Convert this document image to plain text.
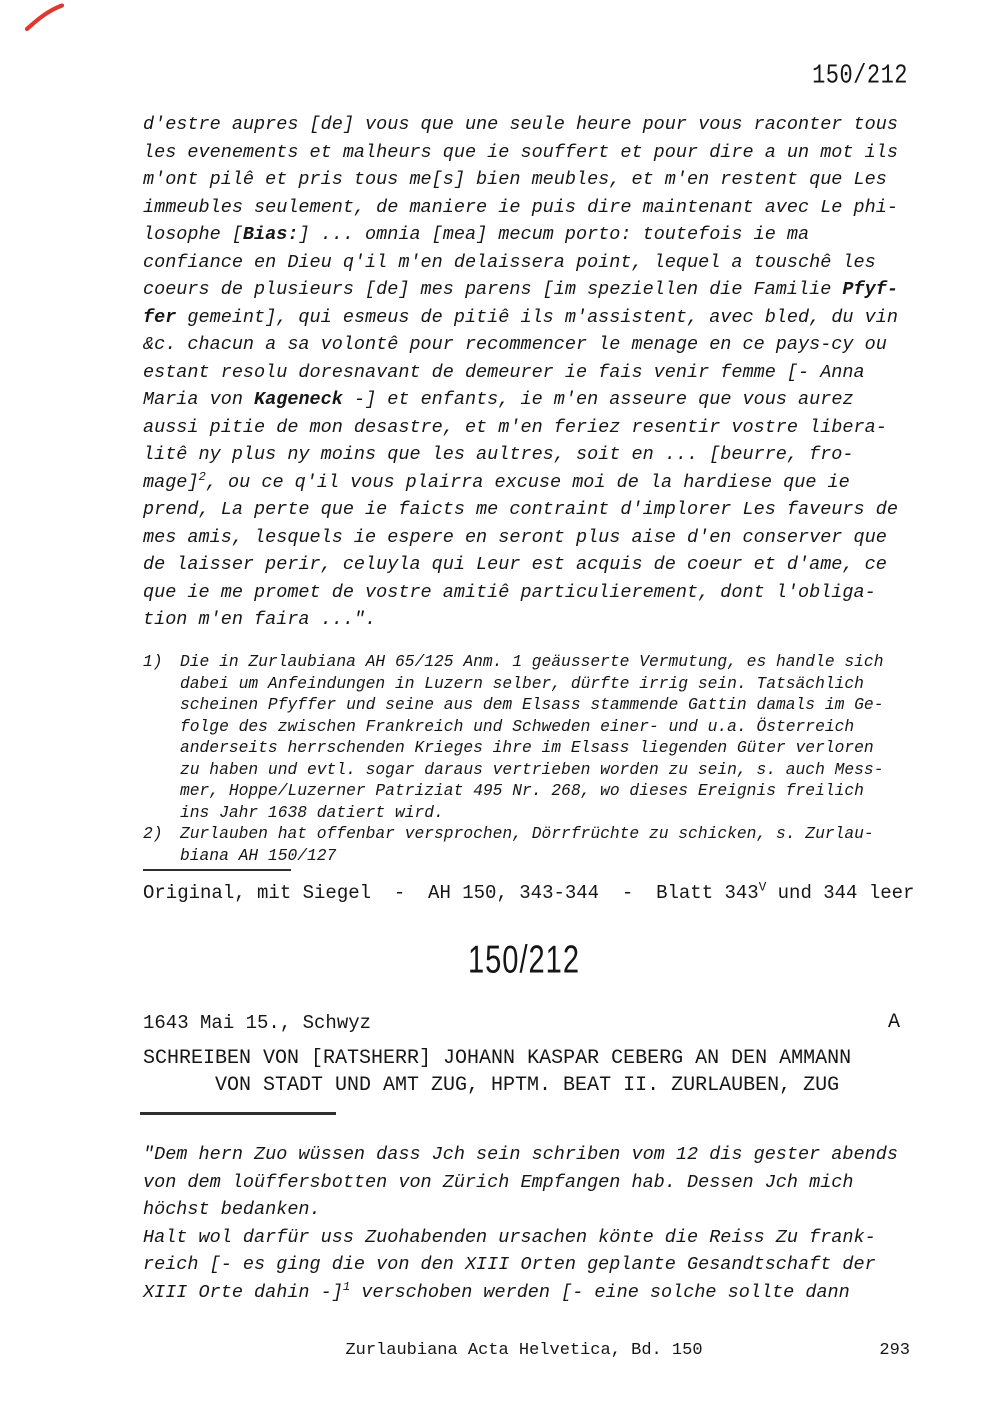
150/212
d'estre aupres [de] vous que une seule heure pour vous raconter tous
les evenements et malheurs que ie souffert et pour dire a un mot ils
m'ont pilê et pris tous me[s] bien meubles, et m'en restent que Les
immeubles seulement, de maniere ie puis dire maintenant avec Le phi-
losophe [Bias:] ... omnia [mea] mecum porto: toutefois ie ma
confiance en Dieu q'il m'en delaissera point, lequel a touschê les
coeurs de plusieurs [de] mes parens [im speziellen die Familie Pfyf-
fer gemeint], qui esmeus de pitiê ils m'assistent, avec bled, du vin
&c. chacun a sa volontê pour recommencer le menage en ce pays-cy ou
estant resolu doresnavant de demeurer ie fais venir femme [- Anna
Maria von Kageneck -] et enfants, ie m'en asseure que vous aurez
aussi pitie de mon desastre, et m'en feriez resentir vostre libera-
litê ny plus ny moins que les aultres, soit en ... [beurre, fro-
mage]$^2$, ou ce q'il vous plairra excuse moi de la hardiese que ie
prend, La perte que ie faicts me contraint d'implorer Les faveurs de
mes amis, lesquels ie espere en seront plus aise d'en conserver que
de laisser perir, celuyla qui Leur est acquis de coeur et d'ame, ce
que ie me promet de vostre amitiê particulierement, dont l'obliga-
tion m'en faira ...".
1)	Die in Zurlaubiana AH 65/125 Anm. 1 geäusserte Vermutung, es handle sich
dabei um Anfeindungen in Luzern selber, dürfte irrig sein. Tatsächlich
scheinen Pfyffer und seine aus dem Elsass stammende Gattin damals im Ge-
folge des zwischen Frankreich und Schweden einer- und u.a. Österreich
anderseits herrschenden Krieges ihre im Elsass liegenden Güter verloren
zu haben und evtl. sogar daraus vertrieben worden zu sein, s. auch Mess-
mer, Hoppe/Luzerner Patriziat 495 Nr. 268, wo dieses Ereignis freilich
ins Jahr 1638 datiert wird.
2)	Zurlauben hat offenbar versprochen, Dörrfrüchte zu schicken, s. Zurlau-
biana AH 150/127
Original, mit Siegel  -  AH 150, 343-344  -  Blatt $343^V$ und 344 leer
150/212
1643 Mai 15., Schwyz	A
SCHREIBEN VON [RATSHERR] JOHANN KASPAR CEBERG AN DEN AMMANN
VON STADT UND AMT ZUG, HPTM. BEAT II. ZURLAUBEN, ZUG
"Dem hern Zuo wüssen dass Jch sein schriben vom 12 dis gester abends
von dem loüffersbotten von Zürich Empfangen hab. Dessen Jch mich
höchst bedanken.
Halt wol darfür uss Zuohabenden ursachen könte die Reiss Zu frank-
reich [- es ging die von den XIII Orten geplante Gesandtschaft der
XIII Orte dahin -]$^1$ verschoben werden [- eine solche sollte dann
Zurlaubiana Acta Helvetica, Bd. 150	293
